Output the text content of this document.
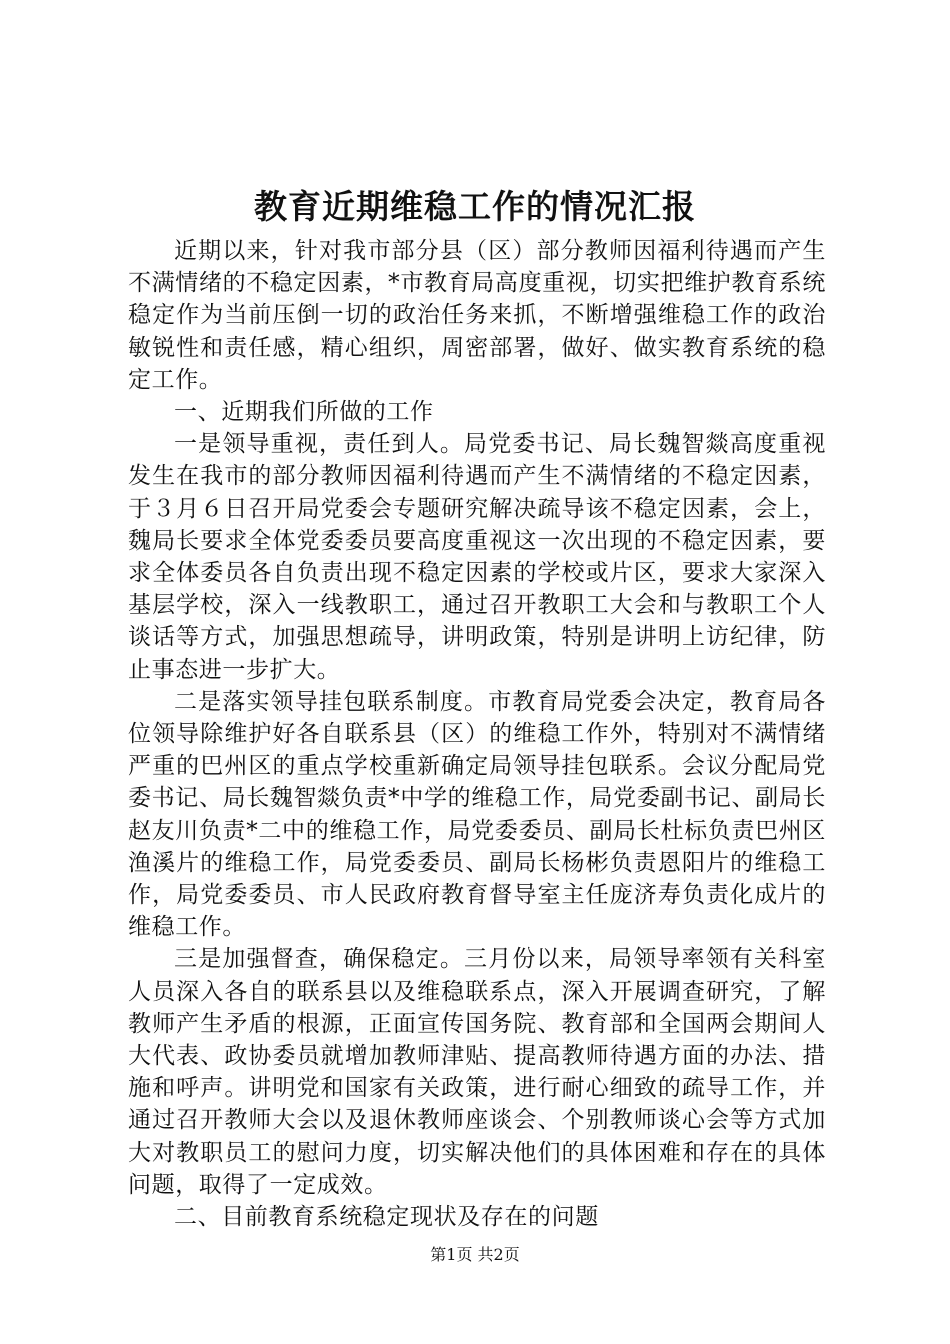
教育近期维稳工作的情况汇报

近期以来，针对我市部分县（区）部分教师因福利待遇而产生不满情绪的不稳定因素，*市教育局高度重视，切实把维护教育系统稳定作为当前压倒一切的政治任务来抓，不断增强维稳工作的政治敏锐性和责任感，精心组织，周密部署，做好、做实教育系统的稳定工作。

一、近期我们所做的工作

一是领导重视，责任到人。局党委书记、局长魏智燚高度重视发生在我市的部分教师因福利待遇而产生不满情绪的不稳定因素，于３月６日召开局党委会专题研究解决疏导该不稳定因素，会上，魏局长要求全体党委委员要高度重视这一次出现的不稳定因素，要求全体委员各自负责出现不稳定因素的学校或片区，要求大家深入基层学校，深入一线教职工，通过召开教职工大会和与教职工个人谈话等方式，加强思想疏导，讲明政策，特别是讲明上访纪律，防止事态进一步扩大。

二是落实领导挂包联系制度。市教育局党委会决定，教育局各位领导除维护好各自联系县（区）的维稳工作外，特别对不满情绪严重的巴州区的重点学校重新确定局领导挂包联系。会议分配局党委书记、局长魏智燚负责*中学的维稳工作，局党委副书记、副局长赵友川负责*二中的维稳工作，局党委委员、副局长杜标负责巴州区渔溪片的维稳工作，局党委委员、副局长杨彬负责恩阳片的维稳工作，局党委委员、市人民政府教育督导室主任庞济寿负责化成片的维稳工作。

三是加强督查，确保稳定。三月份以来，局领导率领有关科室人员深入各自的联系县以及维稳联系点，深入开展调查研究，了解教师产生矛盾的根源，正面宣传国务院、教育部和全国两会期间人大代表、政协委员就增加教师津贴、提高教师待遇方面的办法、措施和呼声。讲明党和国家有关政策，进行耐心细致的疏导工作，并通过召开教师大会以及退休教师座谈会、个别教师谈心会等方式加大对教职员工的慰问力度，切实解决他们的具体困难和存在的具体问题，取得了一定成效。

二、目前教育系统稳定现状及存在的问题

第1页 共2页
